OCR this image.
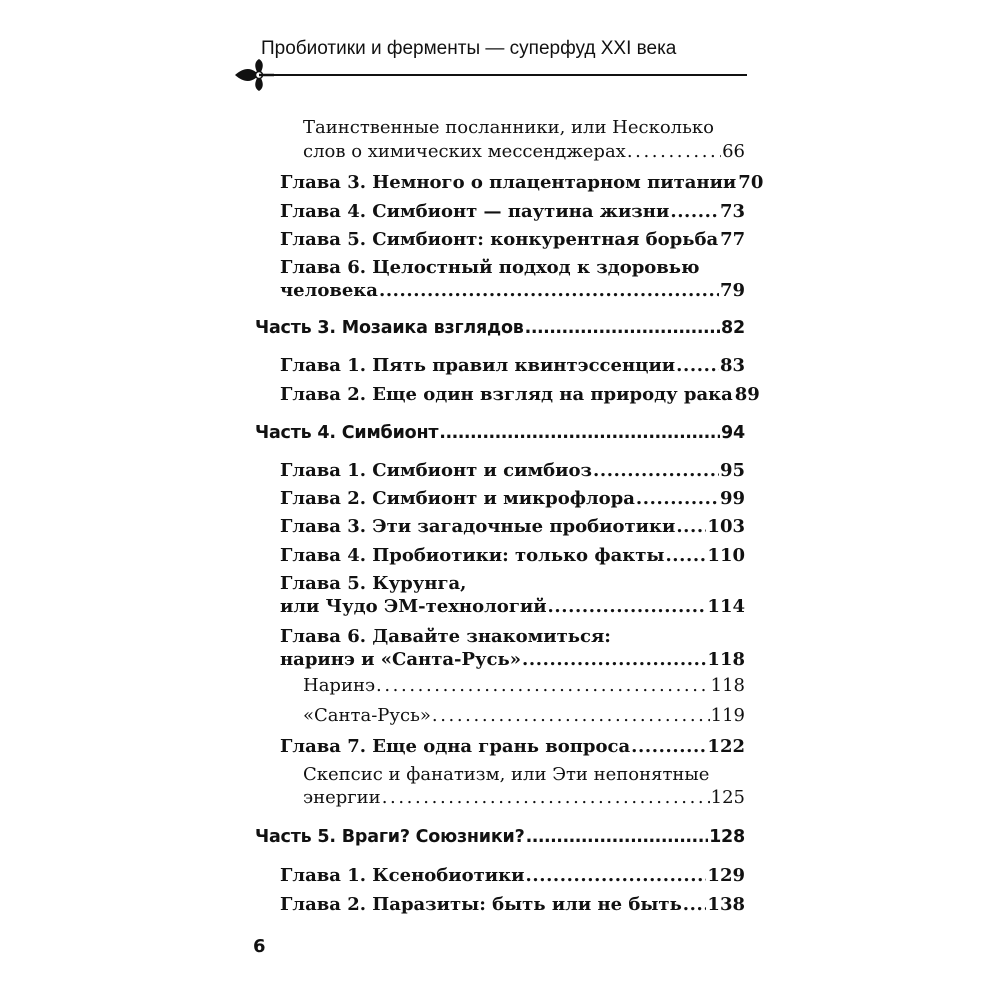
Пробиотики и ферменты — суперфуд XXI века
Таинственные посланники, или Несколько
слов о химических мессенджерах .....	66
Глава 3. Немного о плацентарном питании 70
Глава 4. Симбионт — паутина жизни .....	73
Глава 5. Симбионт: конкурентная борьба 77
Глава 6. Целостный подход к здоровью
человека .....	79
Часть 3. Мозаика взглядов .....	82
Глава 1. Пять правил квинтэссенции ..... 83
Глава 2. Еще один взгляд на природу рака 89
Часть 4. Симбионт .....	94
Глава 1. Симбионт и симбиоз .....	95
Глава 2. Симбионт и микрофлора .....	99
Глава 3. Эти загадочные пробиотики ..... 103
Глава 4. Пробиотики: только факты ..... 110
Глава 5. Курунга,
или Чудо ЭМ-технологий .....	114
Глава 6. Давайте знакомиться:
наринэ и «Санта-Русь» .....	118
Наринэ .....	118
«Санта-Русь» .....	119
Глава 7. Еще одна грань вопроса .....	122
Скепсис и фанатизм, или Эти непонятные
энергии .....	125
Часть 5. Враги? Союзники? .....	128
Глава 1. Ксенобиотики .....	129
Глава 2. Паразиты: быть или не быть ..... 138
6
